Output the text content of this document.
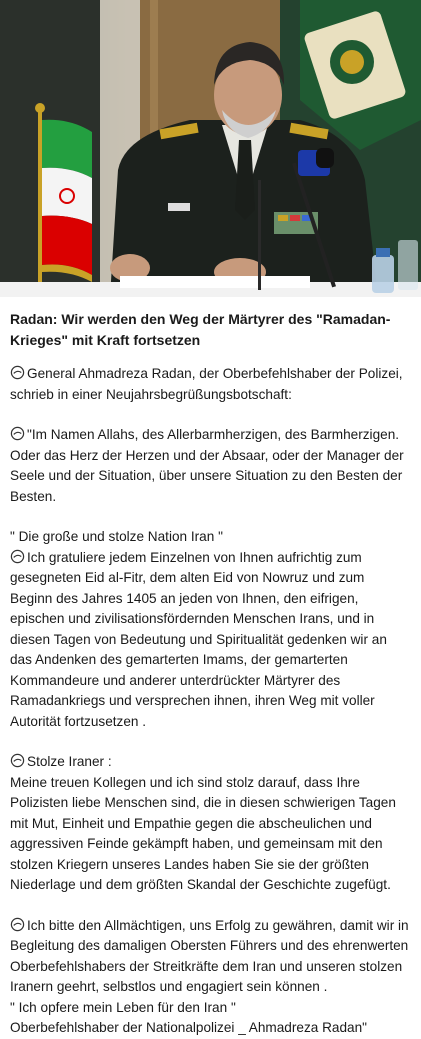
Radan: Wir werden den Weg der Märtyrer des "Ramadan-Krieges" mit Kraft fortsetzen

General Ahmadreza Radan, der Oberbefehlshaber der Polizei, schrieb in einer Neujahrsbegrüßungsbotschaft:

"Im Namen Allahs, des Allerbarmherzigen, des Barmherzigen. Oder das Herz der Herzen und der Absaar, oder der Manager der Seele und der Situation, über unsere Situation zu den Besten der Besten.

" Die große und stolze Nation Iran "

Ich gratuliere jedem Einzelnen von Ihnen aufrichtig zum gesegneten Eid al-Fitr, dem alten Eid von Nowruz und zum Beginn des Jahres 1405 an jeden von Ihnen, den eifrigen, epischen und zivilisationsfördernden Menschen Irans, und in diesen Tagen von Bedeutung und Spiritualität gedenken wir an das Andenken des gemarterten Imams, der gemarterten Kommandeure und anderer unterdrückter Märtyrer des Ramadankriegs und versprechen ihnen, ihren Weg mit voller Autorität fortzusetzen .

Stolze Iraner :

Meine treuen Kollegen und ich sind stolz darauf, dass Ihre Polizisten liebe Menschen sind, die in diesen schwierigen Tagen mit Mut, Einheit und Empathie gegen die abscheulichen und aggressiven Feinde gekämpft haben, und gemeinsam mit den stolzen Kriegern unseres Landes haben Sie sie der größten Niederlage und dem größten Skandal der Geschichte zugefügt.

Ich bitte den Allmächtigen, uns Erfolg zu gewähren, damit wir in Begleitung des damaligen Obersten Führers und des ehrenwerten Oberbefehlshabers der Streitkräfte dem Iran und unseren stolzen Iranern geehrt, selbstlos und engagiert sein können .

" Ich opfere mein Leben für den Iran "

Oberbefehlshaber der Nationalpolizei _ Ahmadreza Radan"
